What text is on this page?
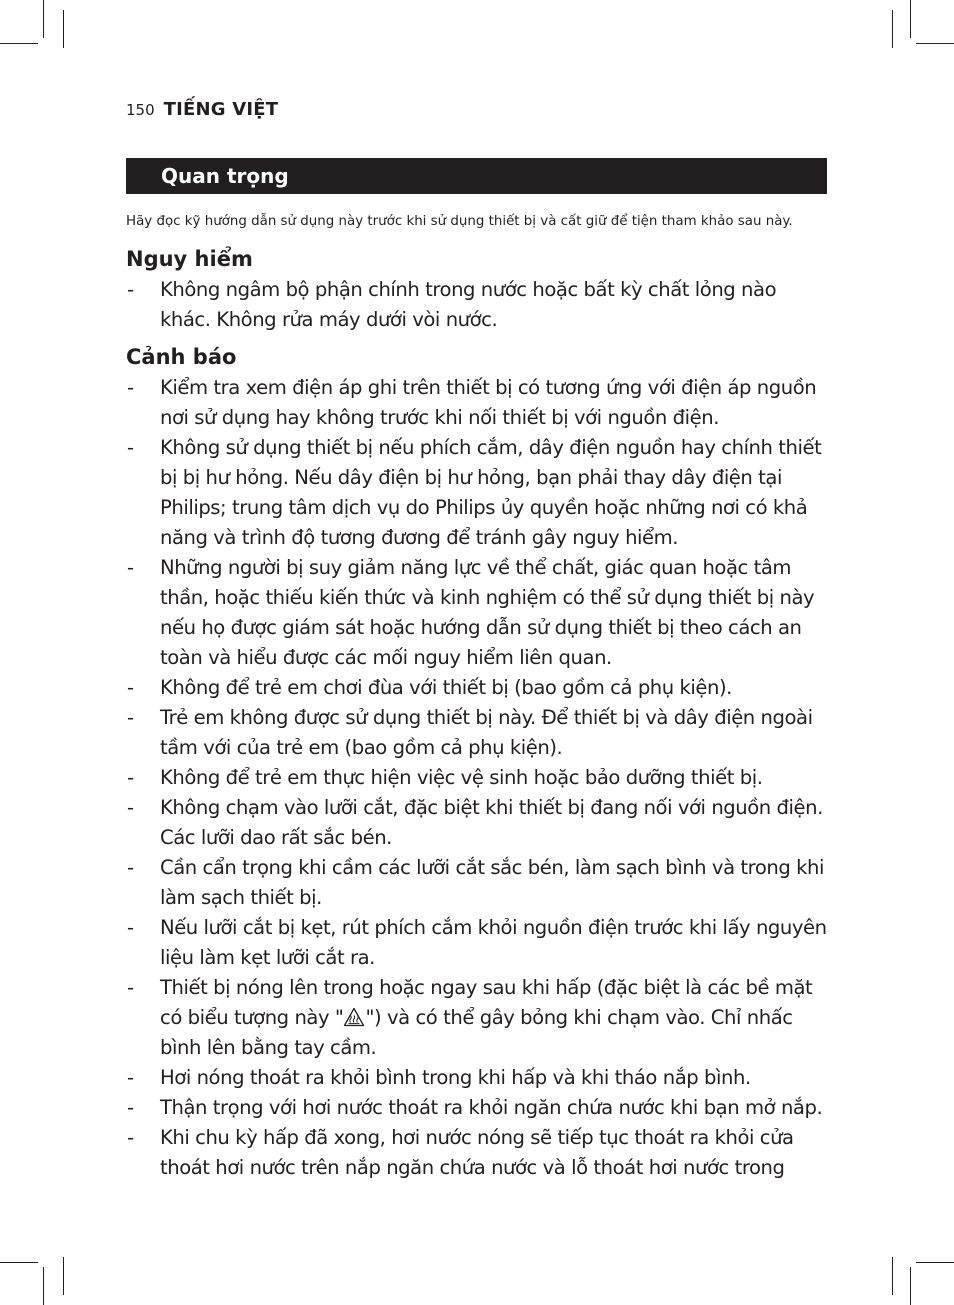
150 TIẾNG VIỆT
Quan trọng
Hãy đọc kỹ hướng dẫn sử dụng này trước khi sử dụng thiết bị và cất giữ để tiện tham khảo sau này.
Nguy hiểm
- Không ngâm bộ phận chính trong nước hoặc bất kỳ chất lỏng nào khác. Không rửa máy dưới vòi nước.
Cảnh báo
- Kiểm tra xem điện áp ghi trên thiết bị có tương ứng với điện áp nguồn nơi sử dụng hay không trước khi nối thiết bị với nguồn điện.
- Không sử dụng thiết bị nếu phích cắm, dây điện nguồn hay chính thiết bị bị hư hỏng. Nếu dây điện bị hư hỏng, bạn phải thay dây điện tại Philips; trung tâm dịch vụ do Philips ủy quyền hoặc những nơi có khả năng và trình độ tương đương để tránh gây nguy hiểm.
- Những người bị suy giảm năng lực về thể chất, giác quan hoặc tâm thần, hoặc thiếu kiến thức và kinh nghiệm có thể sử dụng thiết bị này nếu họ được giám sát hoặc hướng dẫn sử dụng thiết bị theo cách an toàn và hiểu được các mối nguy hiểm liên quan.
- Không để trẻ em chơi đùa với thiết bị (bao gồm cả phụ kiện).
- Trẻ em không được sử dụng thiết bị này. Để thiết bị và dây điện ngoài tầm với của trẻ em (bao gồm cả phụ kiện).
- Không để trẻ em thực hiện việc vệ sinh hoặc bảo dưỡng thiết bị.
- Không chạm vào lưỡi cắt, đặc biệt khi thiết bị đang nối với nguồn điện. Các lưỡi dao rất sắc bén.
- Cần cẩn trọng khi cầm các lưỡi cắt sắc bén, làm sạch bình và trong khi làm sạch thiết bị.
- Nếu lưỡi cắt bị kẹt, rút phích cắm khỏi nguồn điện trước khi lấy nguyên liệu làm kẹt lưỡi cắt ra.
- Thiết bị nóng lên trong hoặc ngay sau khi hấp (đặc biệt là các bề mặt có biểu tượng này " ") và có thể gây bỏng khi chạm vào. Chỉ nhấc bình lên bằng tay cầm.
- Hơi nóng thoát ra khỏi bình trong khi hấp và khi tháo nắp bình.
- Thận trọng với hơi nước thoát ra khỏi ngăn chứa nước khi bạn mở nắp.
- Khi chu kỳ hấp đã xong, hơi nước nóng sẽ tiếp tục thoát ra khỏi cửa thoát hơi nước trên nắp ngăn chứa nước và lỗ thoát hơi nước trong
